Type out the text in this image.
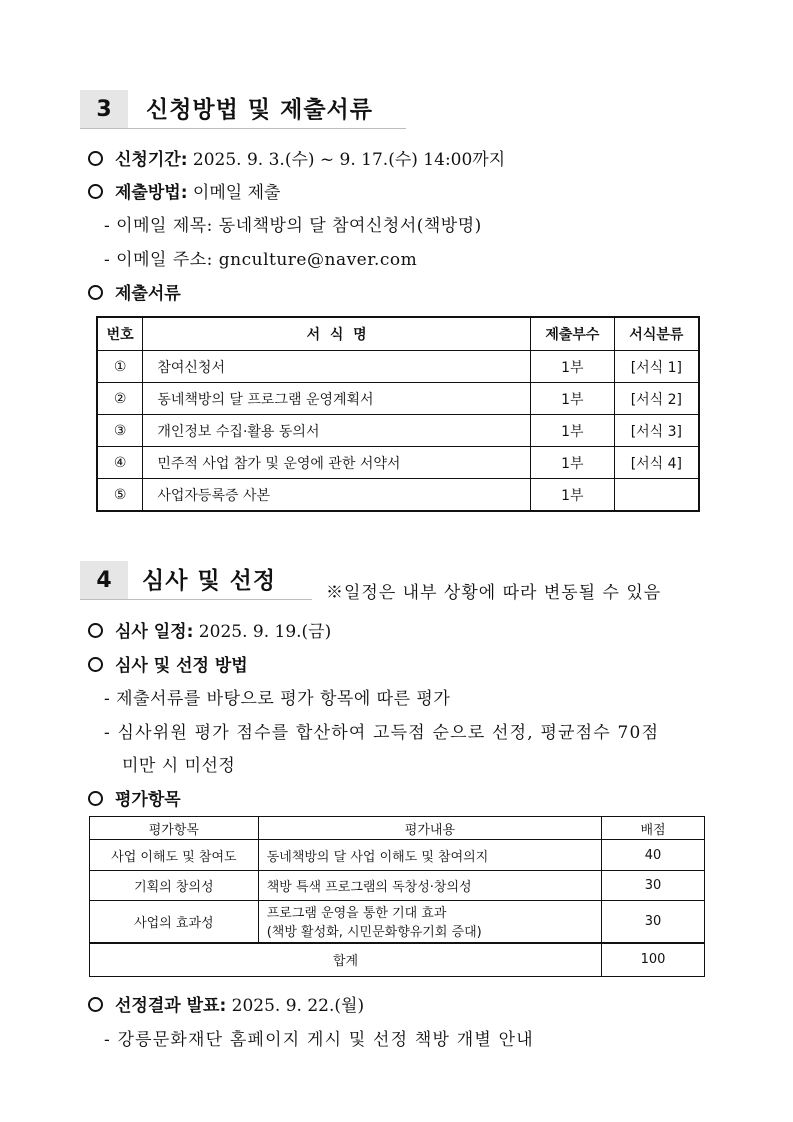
3	신청방법 및 제출서류
신청기간: 2025. 9. 3.(수) ~ 9. 17.(수) 14:00까지
제출방법: 이메일 제출
- 이메일 제목: 동네책방의 달 참여신청서(책방명)
- 이메일 주소: gnculture@naver.com
제출서류
번호	서  식  명	제출부수	서식분류
①	참여신청서	1부	[서식 1]
②	동네책방의 달 프로그램 운영계획서	1부	[서식 2]
③	개인정보 수집·활용 동의서	1부	[서식 3]
④	민주적 사업 참가 및 운영에 관한 서약서	1부	[서식 4]
⑤	사업자등록증 사본	1부	
4	심사 및 선정	※일정은 내부 상황에 따라 변동될 수 있음
심사 일정: 2025. 9. 19.(금)
심사 및 선정 방법
- 제출서류를 바탕으로 평가 항목에 따른 평가
- 심사위원 평가 점수를 합산하여 고득점 순으로 선정, 평균점수 70점
미만 시 미선정
평가항목
평가항목	평가내용	배점
사업 이해도 및 참여도	동네책방의 달 사업 이해도 및 참여의지	40
기획의 창의성	책방 특색 프로그램의 독창성·창의성	30
사업의 효과성	프로그램 운영을 통한 기대 효과
(책방 활성화, 시민문화향유기회 증대)	30
합계		100
선정결과 발표: 2025. 9. 22.(월)
- 강릉문화재단 홈페이지 게시 및 선정 책방 개별 안내
